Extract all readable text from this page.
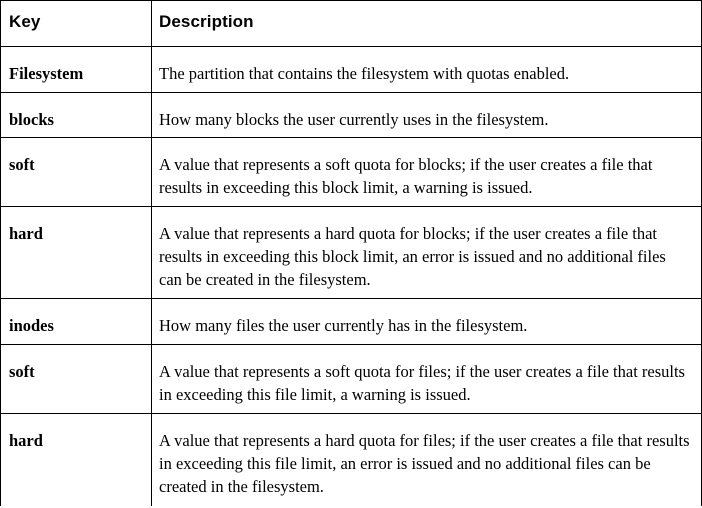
Key	Description
Filesystem	The partition that contains the filesystem with quotas enabled.
blocks	How many blocks the user currently uses in the filesystem.
soft	A value that represents a soft quota for blocks; if the user creates a file that results in exceeding this block limit, a warning is issued.
hard	A value that represents a hard quota for blocks; if the user creates a file that results in exceeding this block limit, an error is issued and no additional files can be created in the filesystem.
inodes	How many files the user currently has in the filesystem.
soft	A value that represents a soft quota for files; if the user creates a file that results in exceeding this file limit, a warning is issued.
hard	A value that represents a hard quota for files; if the user creates a file that results in exceeding this file limit, an error is issued and no additional files can be created in the filesystem.
